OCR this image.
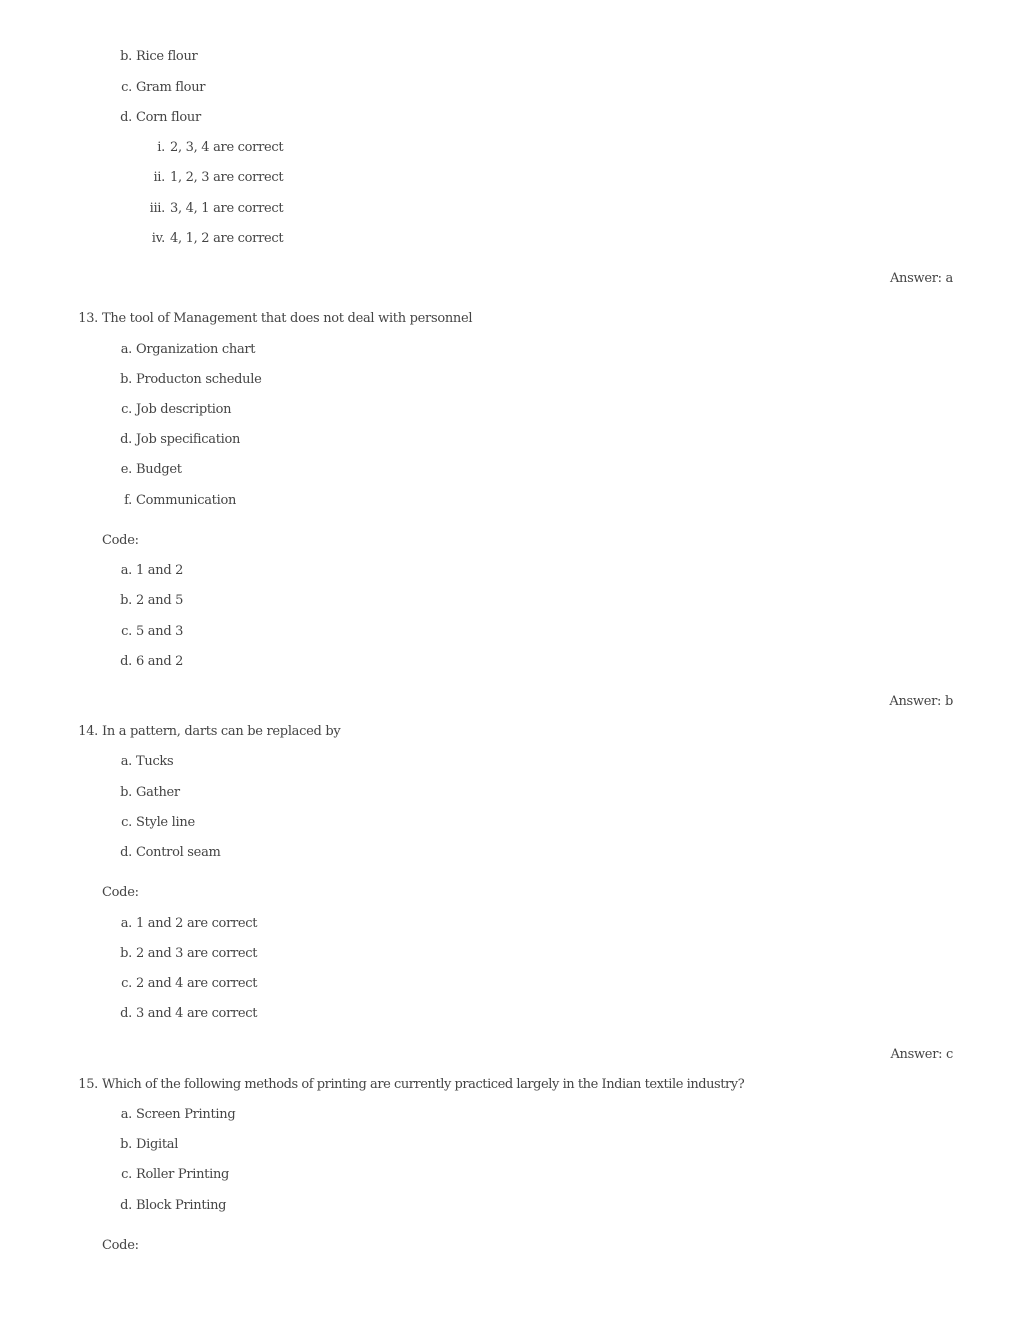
b. Rice flour
c. Gram flour
d. Corn flour
i. 2, 3, 4 are correct
ii. 1, 2, 3 are correct
iii. 3, 4, 1 are correct
iv. 4, 1, 2 are correct
Answer: a
13. The tool of Management that does not deal with personnel
a. Organization chart
b. Producton schedule
c. Job description
d. Job specification
e. Budget
f. Communication
Code:
a. 1 and 2
b. 2 and 5
c. 5 and 3
d. 6 and 2
Answer: b
14. In a pattern, darts can be replaced by
a. Tucks
b. Gather
c. Style line
d. Control seam
Code:
a. 1 and 2 are correct
b. 2 and 3 are correct
c. 2 and 4 are correct
d. 3 and 4 are correct
Answer: c
15. Which of the following methods of printing are currently practiced largely in the Indian textile industry?
a. Screen Printing
b. Digital
c. Roller Printing
d. Block Printing
Code:
